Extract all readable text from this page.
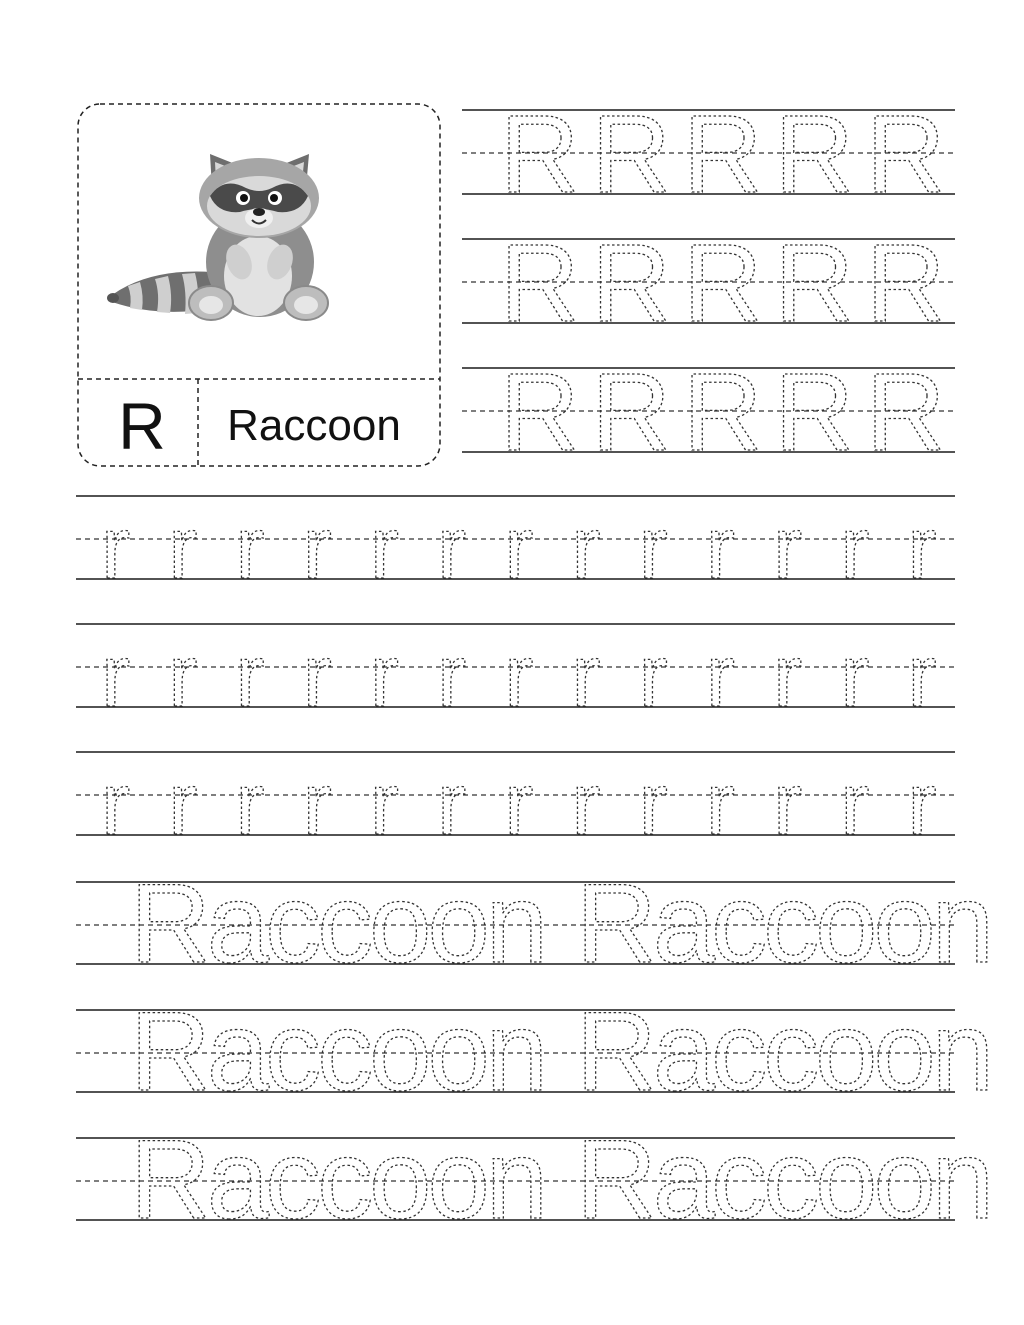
R Raccoon
R R R R R
R R R R R
R R R R R
r r r r r r r r r r r r r
r r r r r r r r r r r r r
r r r r r r r r r r r r r
Raccoon Raccoon
Raccoon Raccoon
Raccoon Raccoon
